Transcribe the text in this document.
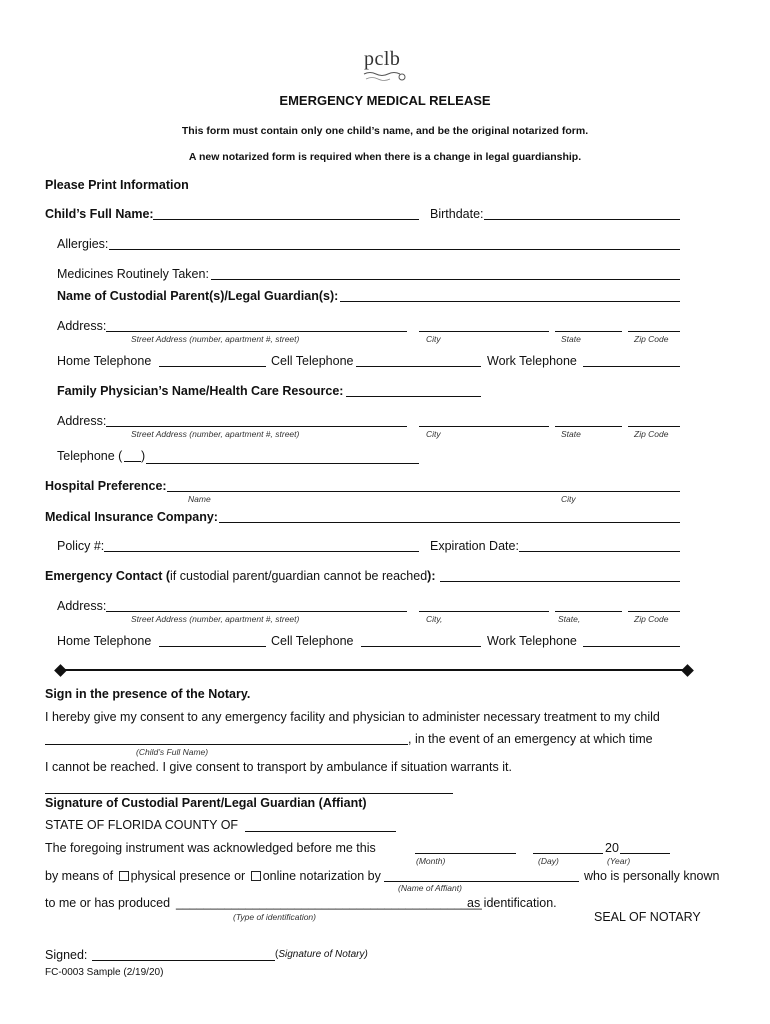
pclb
EMERGENCY MEDICAL RELEASE
This form must contain only one child’s name, and be the original notarized form.
A new notarized form is required when there is a change in legal guardianship.
Please Print Information
Child’s Full Name:	Birthdate:
Allergies:
Medicines Routinely Taken:
Name of Custodial Parent(s)/Legal Guardian(s):
Address:
Street Address (number, apartment #, street)	City	State	Zip Code
Home Telephone	Cell Telephone	Work Telephone
Family Physician’s Name/Health Care Resource:
Address:
Street Address (number, apartment #, street)	City	State	Zip Code
Telephone ( )
Hospital Preference:
Name	City
Medical Insurance Company:
Policy #:	Expiration Date:
Emergency Contact (if custodial parent/guardian cannot be reached):
Address:
Street Address (number, apartment #, street)	City,	State,	Zip Code
Home Telephone	Cell Telephone	Work Telephone
Sign in the presence of the Notary.
I hereby give my consent to any emergency facility and physician to administer necessary treatment to my child
, in the event of an emergency at which time
(Child’s Full Name)
I cannot be reached. I give consent to transport by ambulance if situation warrants it.
Signature of Custodial Parent/Legal Guardian (Affiant)
STATE OF FLORIDA COUNTY OF
The foregoing instrument was acknowledged before me this	20
(Month)	(Day)	(Year)
by means of physical presence or online notarization by	who is personally known
(Name of Affiant)
to me or has produced ____________________________________________
as identification.
(Type of identification)	SEAL OF NOTARY
Signed:	(Signature of Notary)
FC-0003 Sample (2/19/20)
